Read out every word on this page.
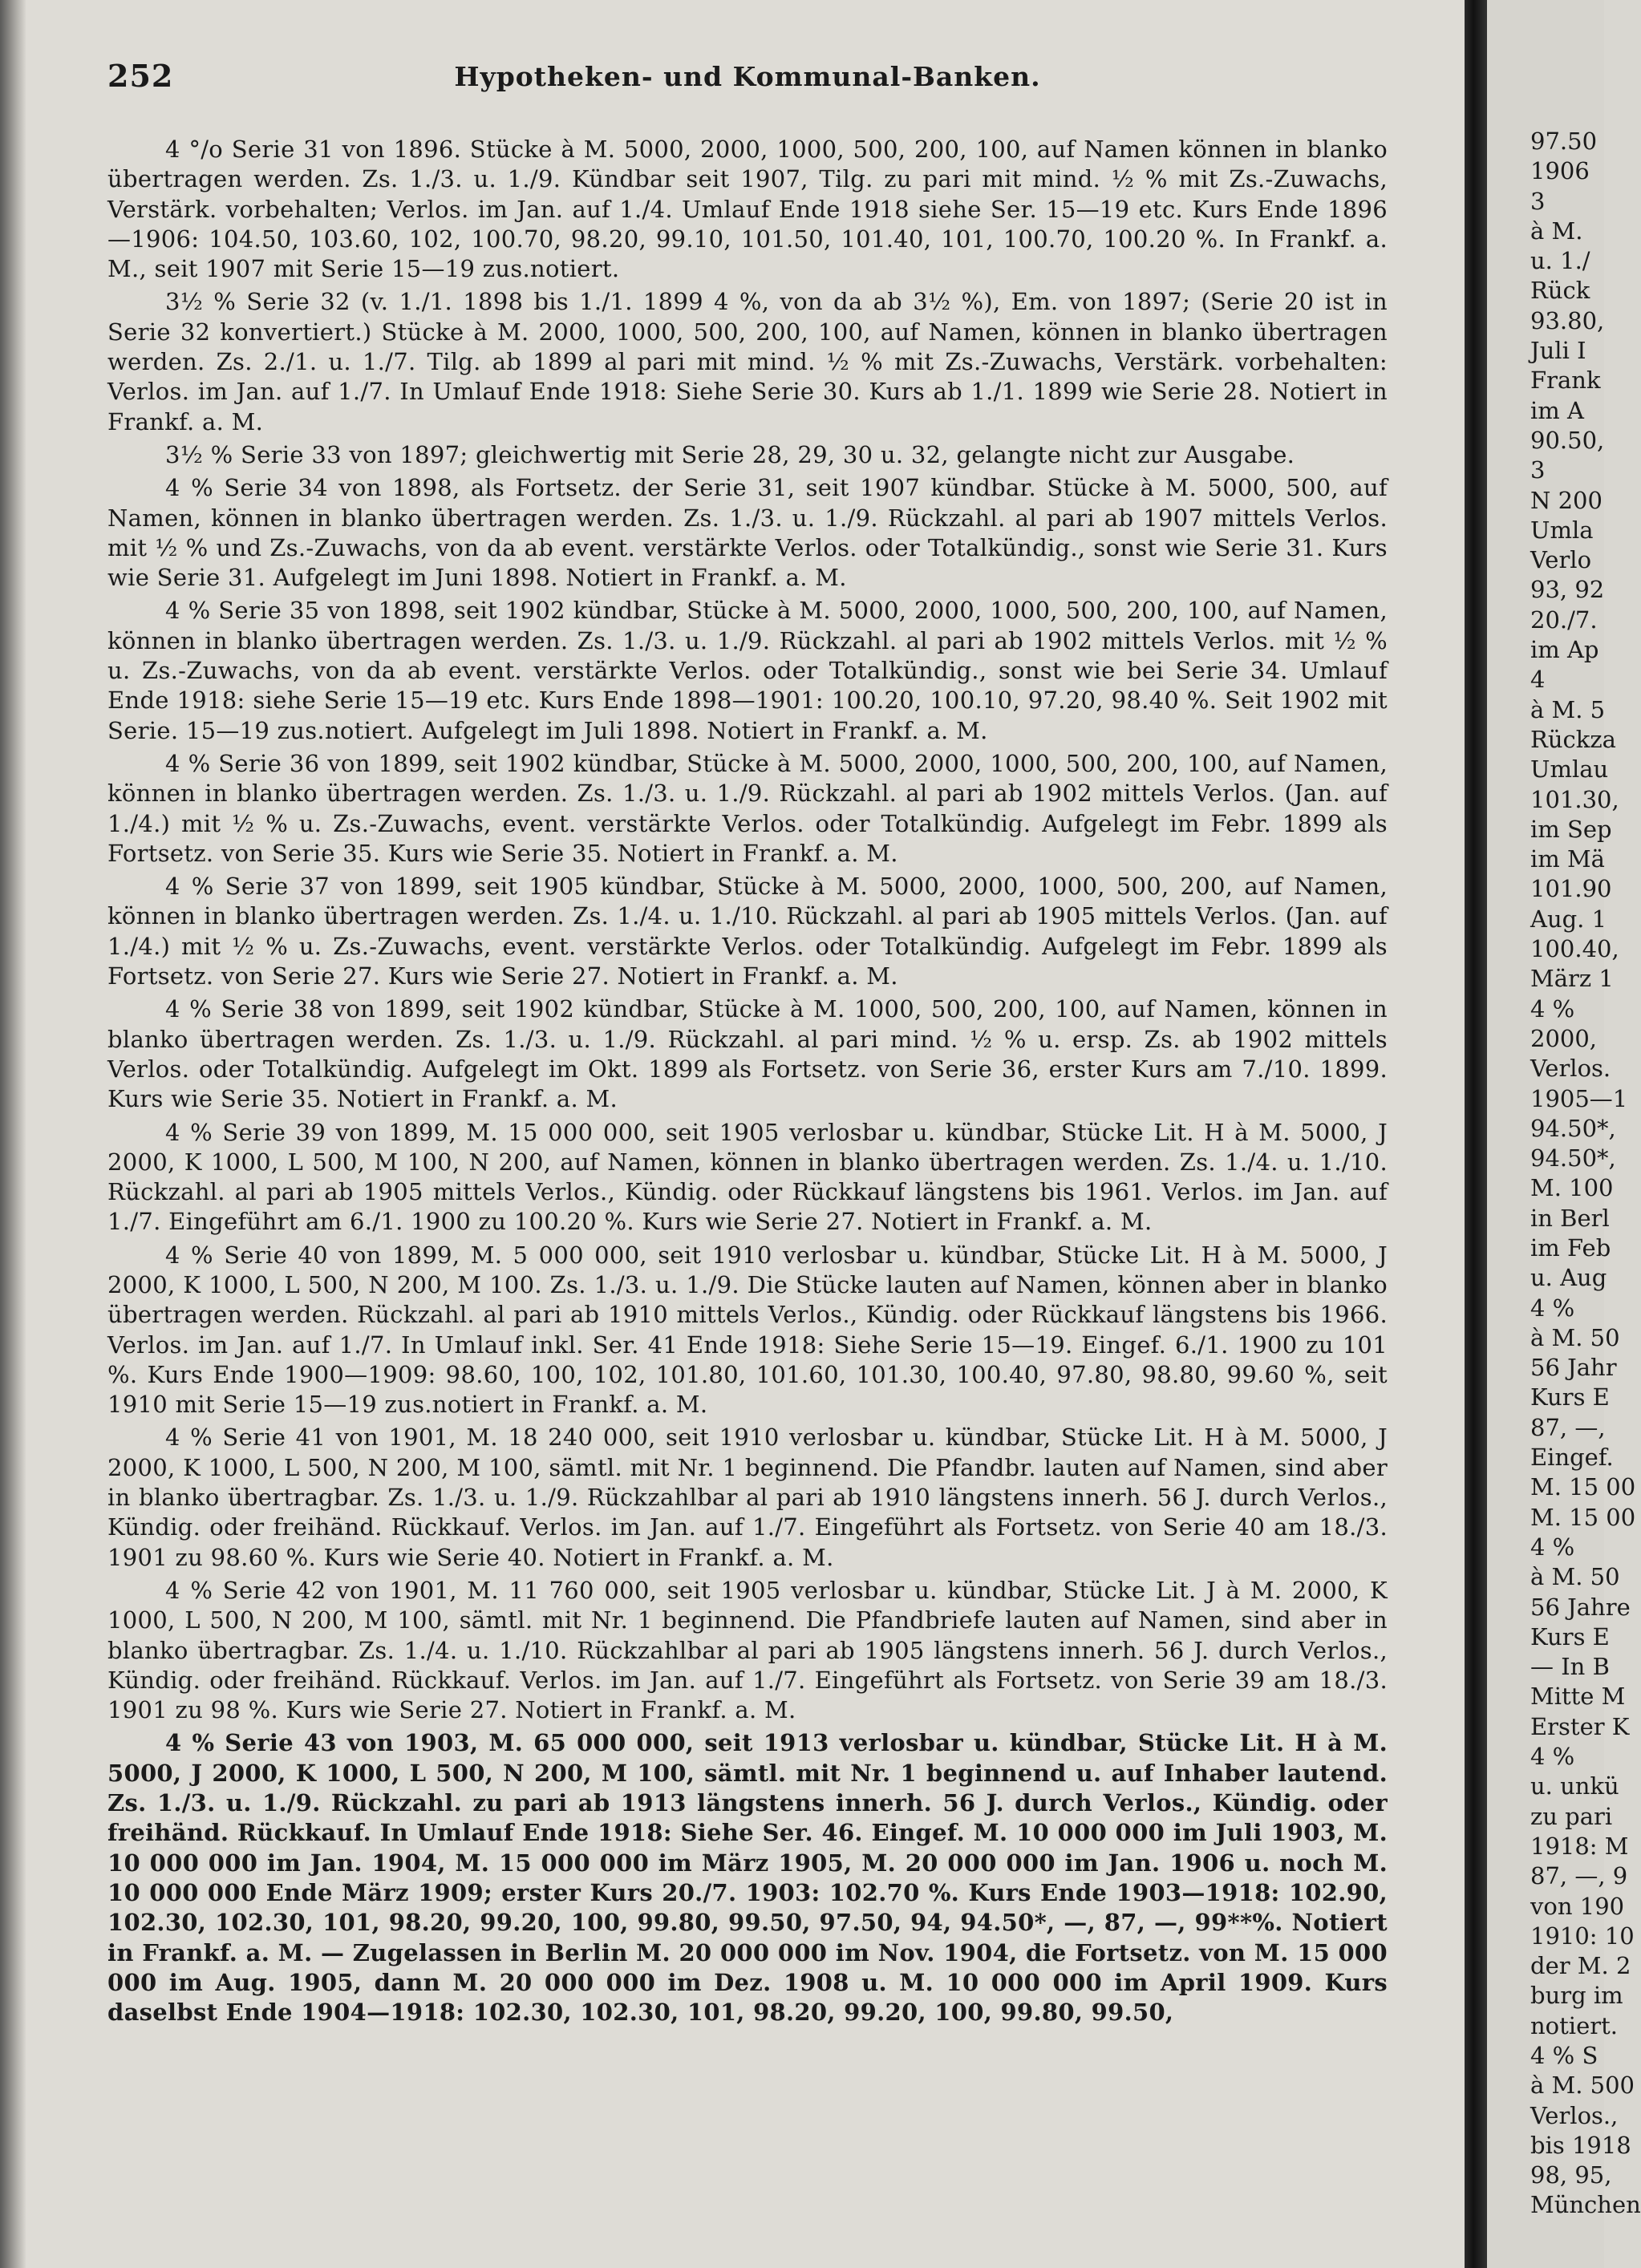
252	Hypotheken- und Kommunal-Banken.

4 °/o Serie 31 von 1896. Stücke à M. 5000, 2000, 1000, 500, 200, 100, auf Namen können in blanko übertragen werden. Zs. 1./3. u. 1./9. Kündbar seit 1907, Tilg. zu pari mit mind. ½ % mit Zs.-Zuwachs, Verstärk. vorbehalten; Verlos. im Jan. auf 1./4. Umlauf Ende 1918 siehe Ser. 15—19 etc. Kurs Ende 1896—1906: 104.50, 103.60, 102, 100.70, 98.20, 99.10, 101.50, 101.40, 101, 100.70, 100.20 %. In Frankf. a. M., seit 1907 mit Serie 15—19 zus.notiert.

3½ % Serie 32 (v. 1./1. 1898 bis 1./1. 1899 4 %, von da ab 3½ %), Em. von 1897; (Serie 20 ist in Serie 32 konvertiert.) Stücke à M. 2000, 1000, 500, 200, 100, auf Namen, können in blanko übertragen werden. Zs. 2./1. u. 1./7. Tilg. ab 1899 al pari mit mind. ½ % mit Zs.-Zuwachs, Verstärk. vorbehalten: Verlos. im Jan. auf 1./7. In Umlauf Ende 1918: Siehe Serie 30. Kurs ab 1./1. 1899 wie Serie 28. Notiert in Frankf. a. M.

3½ % Serie 33 von 1897; gleichwertig mit Serie 28, 29, 30 u. 32, gelangte nicht zur Ausgabe.

4 % Serie 34 von 1898, als Fortsetz. der Serie 31, seit 1907 kündbar. Stücke à M. 5000, 500, auf Namen, können in blanko übertragen werden. Zs. 1./3. u. 1./9. Rückzahl. al pari ab 1907 mittels Verlos. mit ½ % und Zs.-Zuwachs, von da ab event. verstärkte Verlos. oder Totalkündig., sonst wie Serie 31. Kurs wie Serie 31. Aufgelegt im Juni 1898. Notiert in Frankf. a. M.

4 % Serie 35 von 1898, seit 1902 kündbar, Stücke à M. 5000, 2000, 1000, 500, 200, 100, auf Namen, können in blanko übertragen werden. Zs. 1./3. u. 1./9. Rückzahl. al pari ab 1902 mittels Verlos. mit ½ % u. Zs.-Zuwachs, von da ab event. verstärkte Verlos. oder Totalkündig., sonst wie bei Serie 34. Umlauf Ende 1918: siehe Serie 15—19 etc. Kurs Ende 1898—1901: 100.20, 100.10, 97.20, 98.40 %. Seit 1902 mit Serie. 15—19 zus.notiert. Aufgelegt im Juli 1898. Notiert in Frankf. a. M.

4 % Serie 36 von 1899, seit 1902 kündbar, Stücke à M. 5000, 2000, 1000, 500, 200, 100, auf Namen, können in blanko übertragen werden. Zs. 1./3. u. 1./9. Rückzahl. al pari ab 1902 mittels Verlos. (Jan. auf 1./4.) mit ½ % u. Zs.-Zuwachs, event. verstärkte Verlos. oder Totalkündig. Aufgelegt im Febr. 1899 als Fortsetz. von Serie 35. Kurs wie Serie 35. Notiert in Frankf. a. M.

4 % Serie 37 von 1899, seit 1905 kündbar, Stücke à M. 5000, 2000, 1000, 500, 200, auf Namen, können in blanko übertragen werden. Zs. 1./4. u. 1./10. Rückzahl. al pari ab 1905 mittels Verlos. (Jan. auf 1./4.) mit ½ % u. Zs.-Zuwachs, event. verstärkte Verlos. oder Totalkündig. Aufgelegt im Febr. 1899 als Fortsetz. von Serie 27. Kurs wie Serie 27. Notiert in Frankf. a. M.

4 % Serie 38 von 1899, seit 1902 kündbar, Stücke à M. 1000, 500, 200, 100, auf Namen, können in blanko übertragen werden. Zs. 1./3. u. 1./9. Rückzahl. al pari mind. ½ % u. ersp. Zs. ab 1902 mittels Verlos. oder Totalkündig. Aufgelegt im Okt. 1899 als Fortsetz. von Serie 36, erster Kurs am 7./10. 1899. Kurs wie Serie 35. Notiert in Frankf. a. M.

4 % Serie 39 von 1899, M. 15 000 000, seit 1905 verlosbar u. kündbar, Stücke Lit. H à M. 5000, J 2000, K 1000, L 500, M 100, N 200, auf Namen, können in blanko übertragen werden. Zs. 1./4. u. 1./10. Rückzahl. al pari ab 1905 mittels Verlos., Kündig. oder Rückkauf längstens bis 1961. Verlos. im Jan. auf 1./7. Eingeführt am 6./1. 1900 zu 100.20 %. Kurs wie Serie 27. Notiert in Frankf. a. M.

4 % Serie 40 von 1899, M. 5 000 000, seit 1910 verlosbar u. kündbar, Stücke Lit. H à M. 5000, J 2000, K 1000, L 500, N 200, M 100. Zs. 1./3. u. 1./9. Die Stücke lauten auf Namen, können aber in blanko übertragen werden. Rückzahl. al pari ab 1910 mittels Verlos., Kündig. oder Rückkauf längstens bis 1966. Verlos. im Jan. auf 1./7. In Umlauf inkl. Ser. 41 Ende 1918: Siehe Serie 15—19. Eingef. 6./1. 1900 zu 101 %. Kurs Ende 1900—1909: 98.60, 100, 102, 101.80, 101.60, 101.30, 100.40, 97.80, 98.80, 99.60 %, seit 1910 mit Serie 15—19 zus.notiert in Frankf. a. M.

4 % Serie 41 von 1901, M. 18 240 000, seit 1910 verlosbar u. kündbar, Stücke Lit. H à M. 5000, J 2000, K 1000, L 500, N 200, M 100, sämtl. mit Nr. 1 beginnend. Die Pfandbr. lauten auf Namen, sind aber in blanko übertragbar. Zs. 1./3. u. 1./9. Rückzahlbar al pari ab 1910 längstens innerh. 56 J. durch Verlos., Kündig. oder freihänd. Rückkauf. Verlos. im Jan. auf 1./7. Eingeführt als Fortsetz. von Serie 40 am 18./3. 1901 zu 98.60 %. Kurs wie Serie 40. Notiert in Frankf. a. M.

4 % Serie 42 von 1901, M. 11 760 000, seit 1905 verlosbar u. kündbar, Stücke Lit. J à M. 2000, K 1000, L 500, N 200, M 100, sämtl. mit Nr. 1 beginnend. Die Pfandbriefe lauten auf Namen, sind aber in blanko übertragbar. Zs. 1./4. u. 1./10. Rückzahlbar al pari ab 1905 längstens innerh. 56 J. durch Verlos., Kündig. oder freihänd. Rückkauf. Verlos. im Jan. auf 1./7. Eingeführt als Fortsetz. von Serie 39 am 18./3. 1901 zu 98 %. Kurs wie Serie 27. Notiert in Frankf. a. M.

4 % Serie 43 von 1903, M. 65 000 000, seit 1913 verlosbar u. kündbar, Stücke Lit. H à M. 5000, J 2000, K 1000, L 500, N 200, M 100, sämtl. mit Nr. 1 beginnend u. auf Inhaber lautend. Zs. 1./3. u. 1./9. Rückzahl. zu pari ab 1913 längstens innerh. 56 J. durch Verlos., Kündig. oder freihänd. Rückkauf. In Umlauf Ende 1918: Siehe Ser. 46. Eingef. M. 10 000 000 im Juli 1903, M. 10 000 000 im Jan. 1904, M. 15 000 000 im März 1905, M. 20 000 000 im Jan. 1906 u. noch M. 10 000 000 Ende März 1909; erster Kurs 20./7. 1903: 102.70 %. Kurs Ende 1903—1918: 102.90, 102.30, 102.30, 101, 98.20, 99.20, 100, 99.80, 99.50, 97.50, 94, 94.50*, —, 87, —, 99**%. Notiert in Frankf. a. M. — Zugelassen in Berlin M. 20 000 000 im Nov. 1904, die Fortsetz. von M. 15 000 000 im Aug. 1905, dann M. 20 000 000 im Dez. 1908 u. M. 10 000 000 im April 1909. Kurs daselbst Ende 1904—1918: 102.30, 102.30, 101, 98.20, 99.20, 100, 99.80, 99.50,

97.50
1906
3
à M.
u. 1./
Rück
93.80,
Juli I
Frank
im A
90.50,
3
N 200
Umla
Verlo
93, 92
20./7.
im Ap
4
à M. 5
Rückza
Umlau
101.30,
im Sep
im Mä
101.90
Aug. 1
100.40,
März 1
4 %
2000,
Verlos.
1905—1
94.50*,
94.50*,
M. 100
in Berl
im Feb
u. Aug
4 %
à M. 50
56 Jahr
Kurs E
87, —,
Eingef.
M. 15 00
M. 15 00
4 %
à M. 50
56 Jahre
Kurs E
— In B
Mitte M
Erster K
4 %
u. unkü
zu pari
1918: M
87, —, 9
von 190
1910: 10
der M. 2
burg im
notiert.
4 % S
à M. 500
Verlos.,
bis 1918
98, 95,
München
